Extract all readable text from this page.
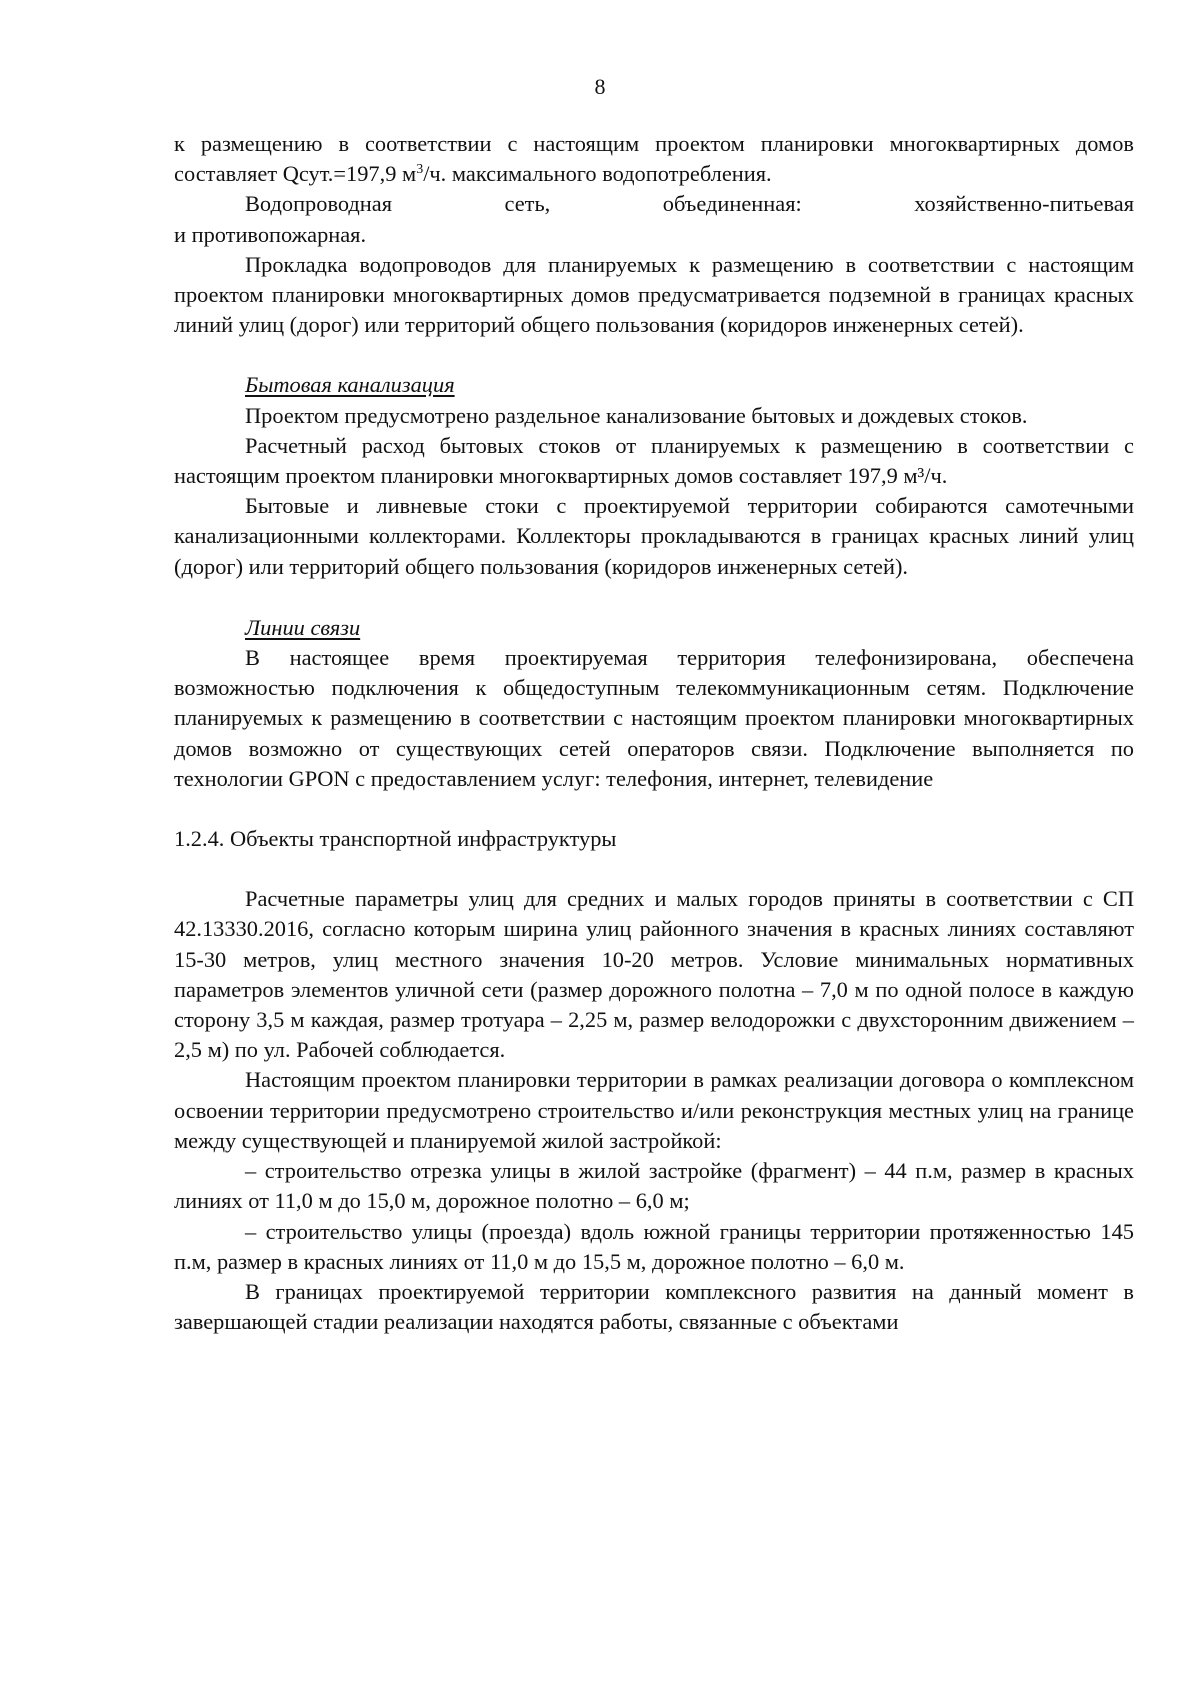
8

к размещению в соответствии с настоящим проектом планировки многоквартирных домов составляет Qсут.=197,9 $м^3/ч$. максимального водопотребления.

Водопроводная сеть, объединенная: хозяйственно-питьевая

и противопожарная.

Прокладка водопроводов для планируемых к размещению в соответствии с настоящим проектом планировки многоквартирных домов предусматривается подземной в границах красных линий улиц (дорог) или территорий общего пользования (коридоров инженерных сетей).

Бытовая канализация

Проектом предусмотрено раздельное канализование бытовых и дождевых стоков.

Расчетный расход бытовых стоков от планируемых к размещению в соответствии с настоящим проектом планировки многоквартирных домов составляет 197,9 м³/ч.

Бытовые и ливневые стоки с проектируемой территории собираются самотечными канализационными коллекторами. Коллекторы прокладываются в границах красных линий улиц (дорог) или территорий общего пользования (коридоров инженерных сетей).

Линии связи

В настоящее время проектируемая территория телефонизирована, обеспечена возможностью подключения к общедоступным телекоммуникационным сетям. Подключение планируемых к размещению в соответствии с настоящим проектом планировки многоквартирных домов возможно от существующих сетей операторов связи. Подключение выполняется по технологии GPON с предоставлением услуг: телефония, интернет, телевидение

1.2.4. Объекты транспортной инфраструктуры

Расчетные параметры улиц для средних и малых городов приняты в соответствии с СП 42.13330.2016, согласно которым ширина улиц районного значения в красных линиях составляют 15-30 метров, улиц местного значения 10-20 метров. Условие минимальных нормативных параметров элементов уличной сети (размер дорожного полотна – 7,0 м по одной полосе в каждую сторону 3,5 м каждая, размер тротуара – 2,25 м, размер велодорожки с двухсторонним движением – 2,5 м) по ул. Рабочей соблюдается.

Настоящим проектом планировки территории в рамках реализации договора о комплексном освоении территории предусмотрено строительство и/или реконструкция местных улиц на границе между существующей и планируемой жилой застройкой:

– строительство отрезка улицы в жилой застройке (фрагмент) – 44 п.м, размер в красных линиях от 11,0 м до 15,0 м, дорожное полотно – 6,0 м;

– строительство улицы (проезда) вдоль южной границы территории протяженностью 145 п.м, размер в красных линиях от 11,0 м до 15,5 м, дорожное полотно – 6,0 м.

В границах проектируемой территории комплексного развития на данный момент в завершающей стадии реализации находятся работы, связанные с объектами
